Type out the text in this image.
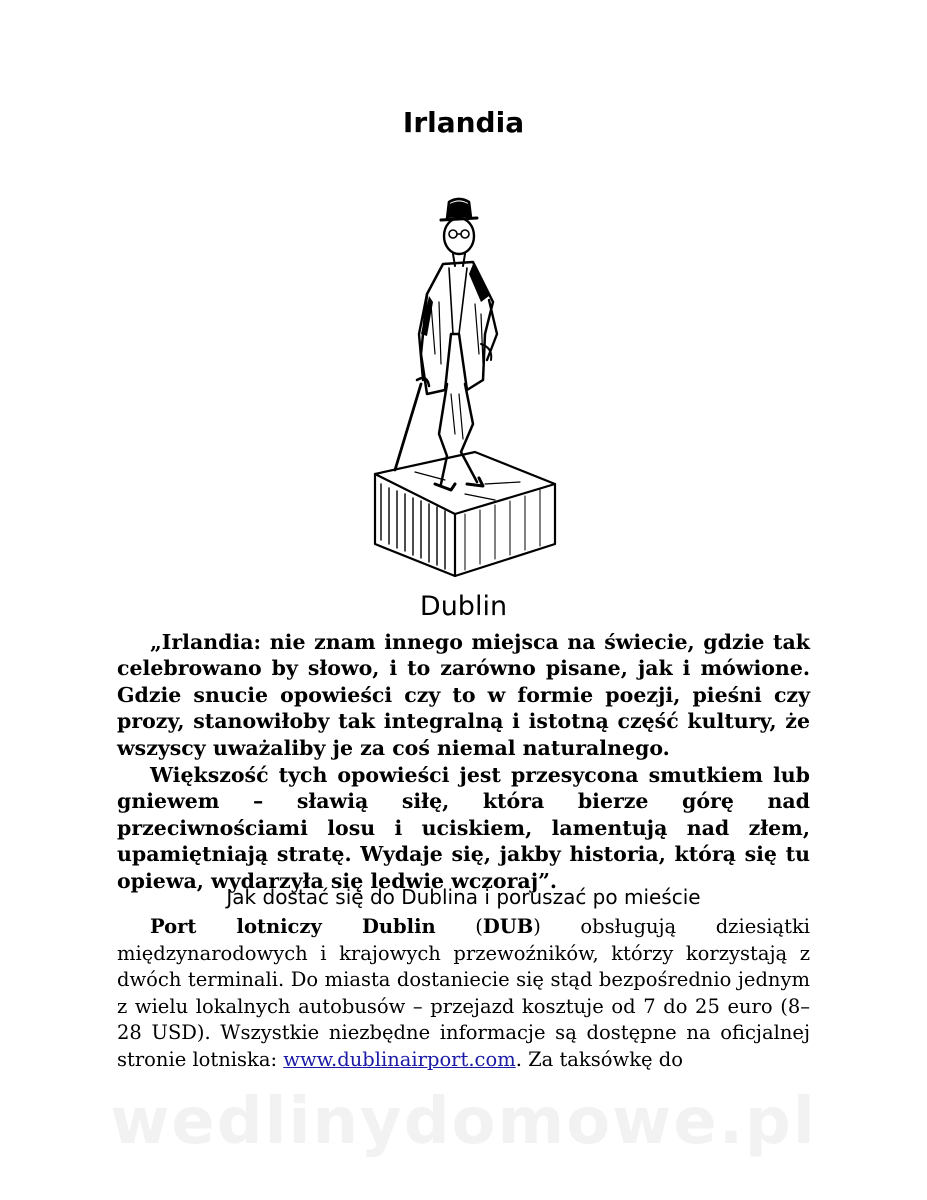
Irlandia
Dublin

„Irlandia: nie znam innego miejsca na świecie, gdzie tak celebrowano by słowo, i to zarówno pisane, jak i mówione. Gdzie snucie opowieści czy to w formie poezji, pieśni czy prozy, stanowiłoby tak integralną i istotną część kultury, że wszyscy uważaliby je za coś niemal naturalnego.

Większość tych opowieści jest przesycona smutkiem lub gniewem – sławią siłę, która bierze górę nad przeciwnościami losu i uciskiem, lamentują nad złem, upamiętniają stratę. Wydaje się, jakby historia, którą się tu opiewa, wydarzyła się ledwie wczoraj”.

Jak dostać się do Dublina i poruszać po mieście

Port lotniczy Dublin (DUB) obsługują dziesiątki międzynarodowych i krajowych przewoźników, którzy korzystają z dwóch terminali. Do miasta dostaniecie się stąd bezpośrednio jednym z wielu lokalnych autobusów – przejazd kosztuje od 7 do 25 euro (8–28 USD). Wszystkie niezbędne informacje są dostępne na oficjalnej stronie lotniska: www.dublinairport.com. Za taksówkę do

wedlinydomowe.pl
